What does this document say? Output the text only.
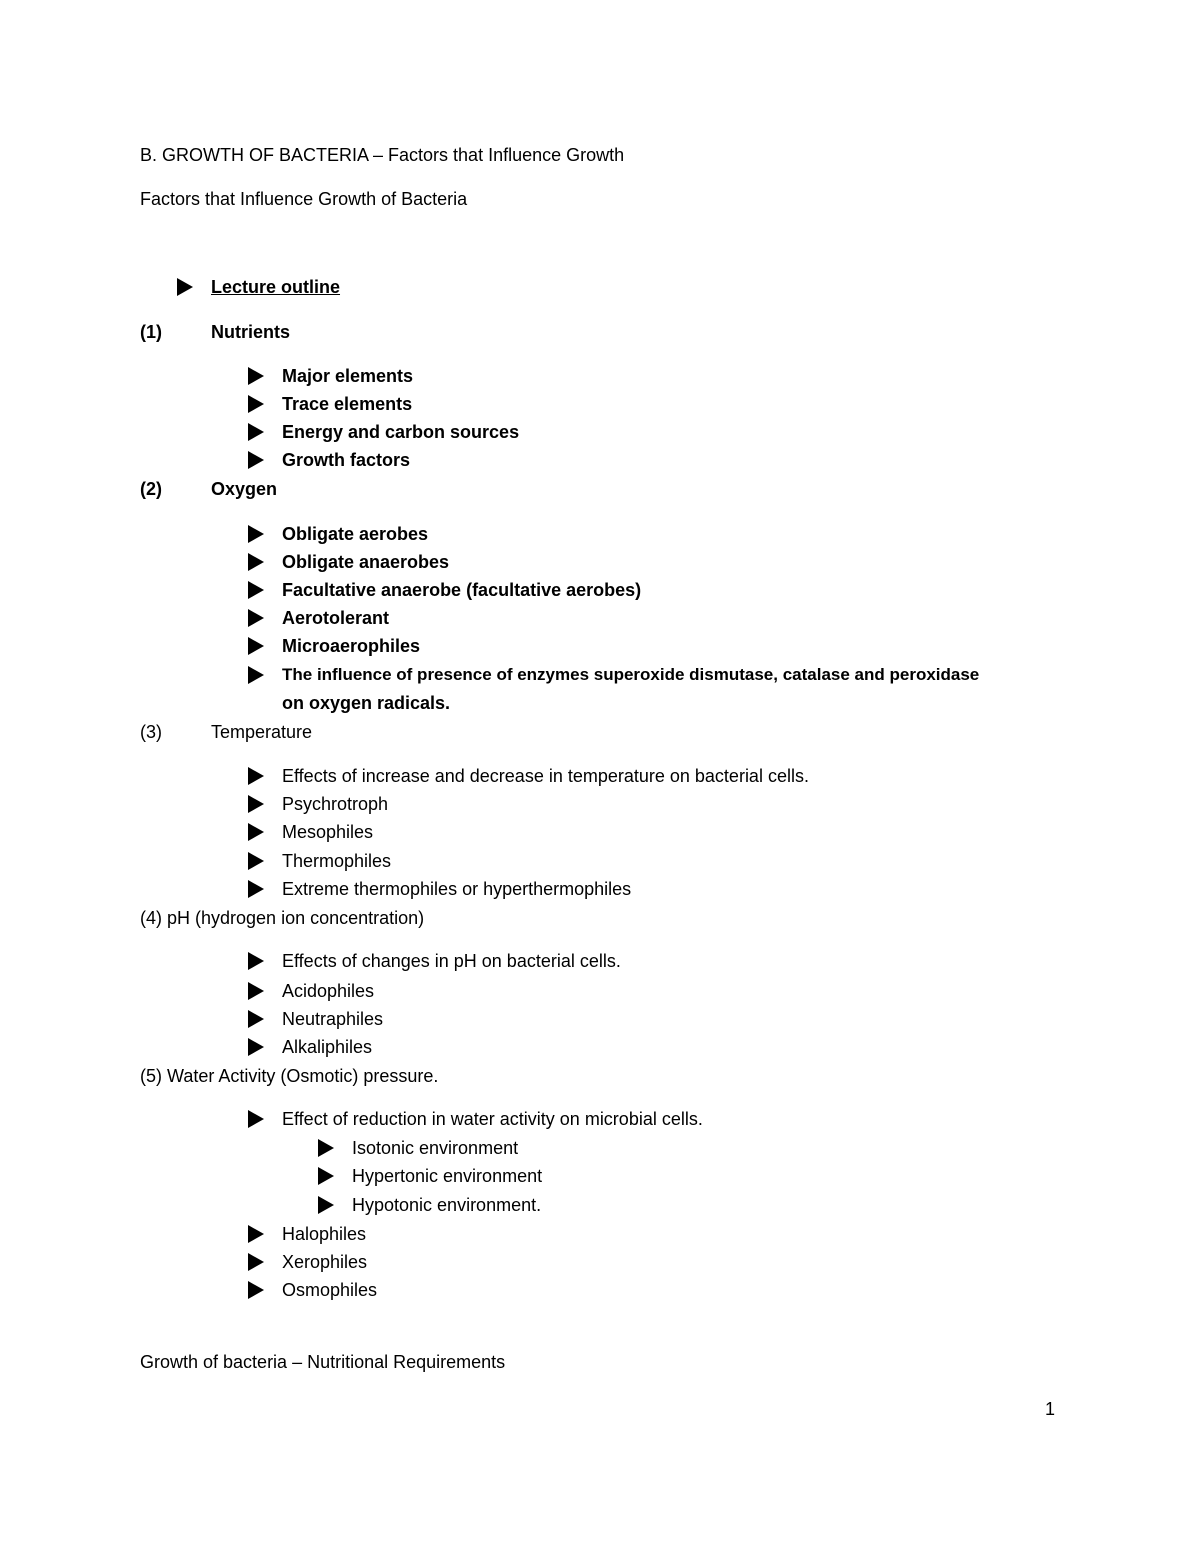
B. GROWTH OF BACTERIA – Factors that Influence Growth
Factors that Influence Growth of Bacteria
Lecture outline
(1)	Nutrients
Major elements
Trace elements
Energy and carbon sources
Growth factors
(2)	Oxygen
Obligate aerobes
Obligate anaerobes
Facultative anaerobe (facultative aerobes)
Aerotolerant
Microaerophiles
The influence of presence of enzymes superoxide dismutase, catalase and peroxidase
on oxygen radicals.
(3)	Temperature
Effects of increase and decrease in temperature on bacterial cells.
Psychrotroph
Mesophiles
Thermophiles
Extreme thermophiles or hyperthermophiles
(4) pH (hydrogen ion concentration)
Effects of changes in pH on bacterial cells.
Acidophiles
Neutraphiles
Alkaliphiles
(5) Water Activity (Osmotic) pressure.
Effect of reduction in water activity on microbial cells.
Isotonic environment
Hypertonic environment
Hypotonic environment.
Halophiles
Xerophiles
Osmophiles
Growth of bacteria – Nutritional Requirements
1
